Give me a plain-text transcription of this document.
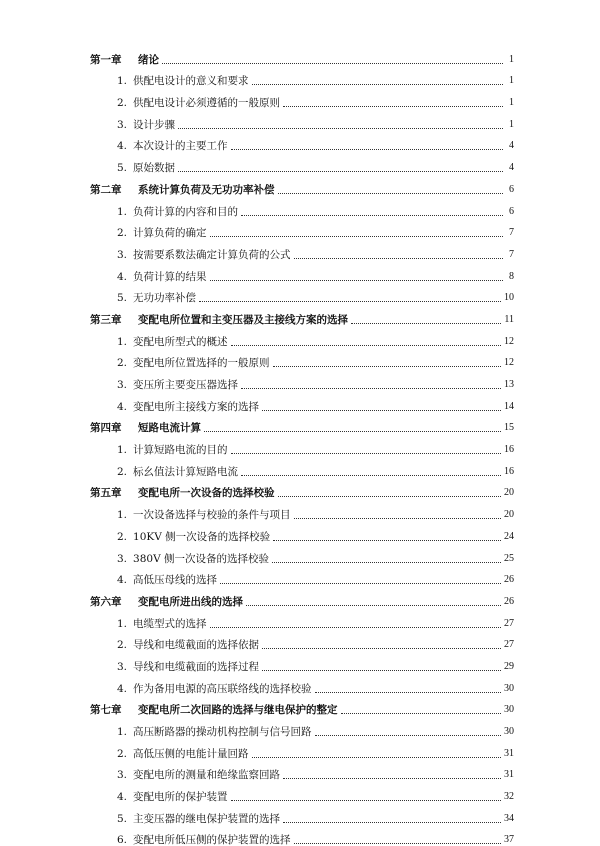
第一章	绪论	1
1. 供配电设计的意义和要求	1
2. 供配电设计必须遵循的一般原则	1
3. 设计步骤	1
4. 本次设计的主要工作	4
5. 原始数据	4
第二章	系统计算负荷及无功功率补偿	6
1. 负荷计算的内容和目的	6
2. 计算负荷的确定	7
3. 按需要系数法确定计算负荷的公式	7
4. 负荷计算的结果	8
5. 无功功率补偿	10
第三章	变配电所位置和主变压器及主接线方案的选择	11
1. 变配电所型式的概述	12
2. 变配电所位置选择的一般原则	12
3. 变压所主要变压器选择	13
4. 变配电所主接线方案的选择	14
第四章	短路电流计算	15
1. 计算短路电流的目的	16
2. 标幺值法计算短路电流	16
第五章	变配电所一次设备的选择校验	20
1. 一次设备选择与校验的条件与项目	20
2. 10KV 侧一次设备的选择校验	24
3. 380V 侧一次设备的选择校验	25
4. 高低压母线的选择	26
第六章	变配电所进出线的选择	26
1. 电缆型式的选择	27
2. 导线和电缆截面的选择依据	27
3. 导线和电缆截面的选择过程	29
4. 作为备用电源的高压联络线的选择校验	30
第七章	变配电所二次回路的选择与继电保护的整定	30
1. 高压断路器的操动机构控制与信号回路	30
2. 高低压侧的电能计量回路	31
3. 变配电所的测量和绝缘监察回路	31
4. 变配电所的保护装置	32
5. 主变压器的继电保护装置的选择	34
6. 变配电所低压侧的保护装置的选择	37
